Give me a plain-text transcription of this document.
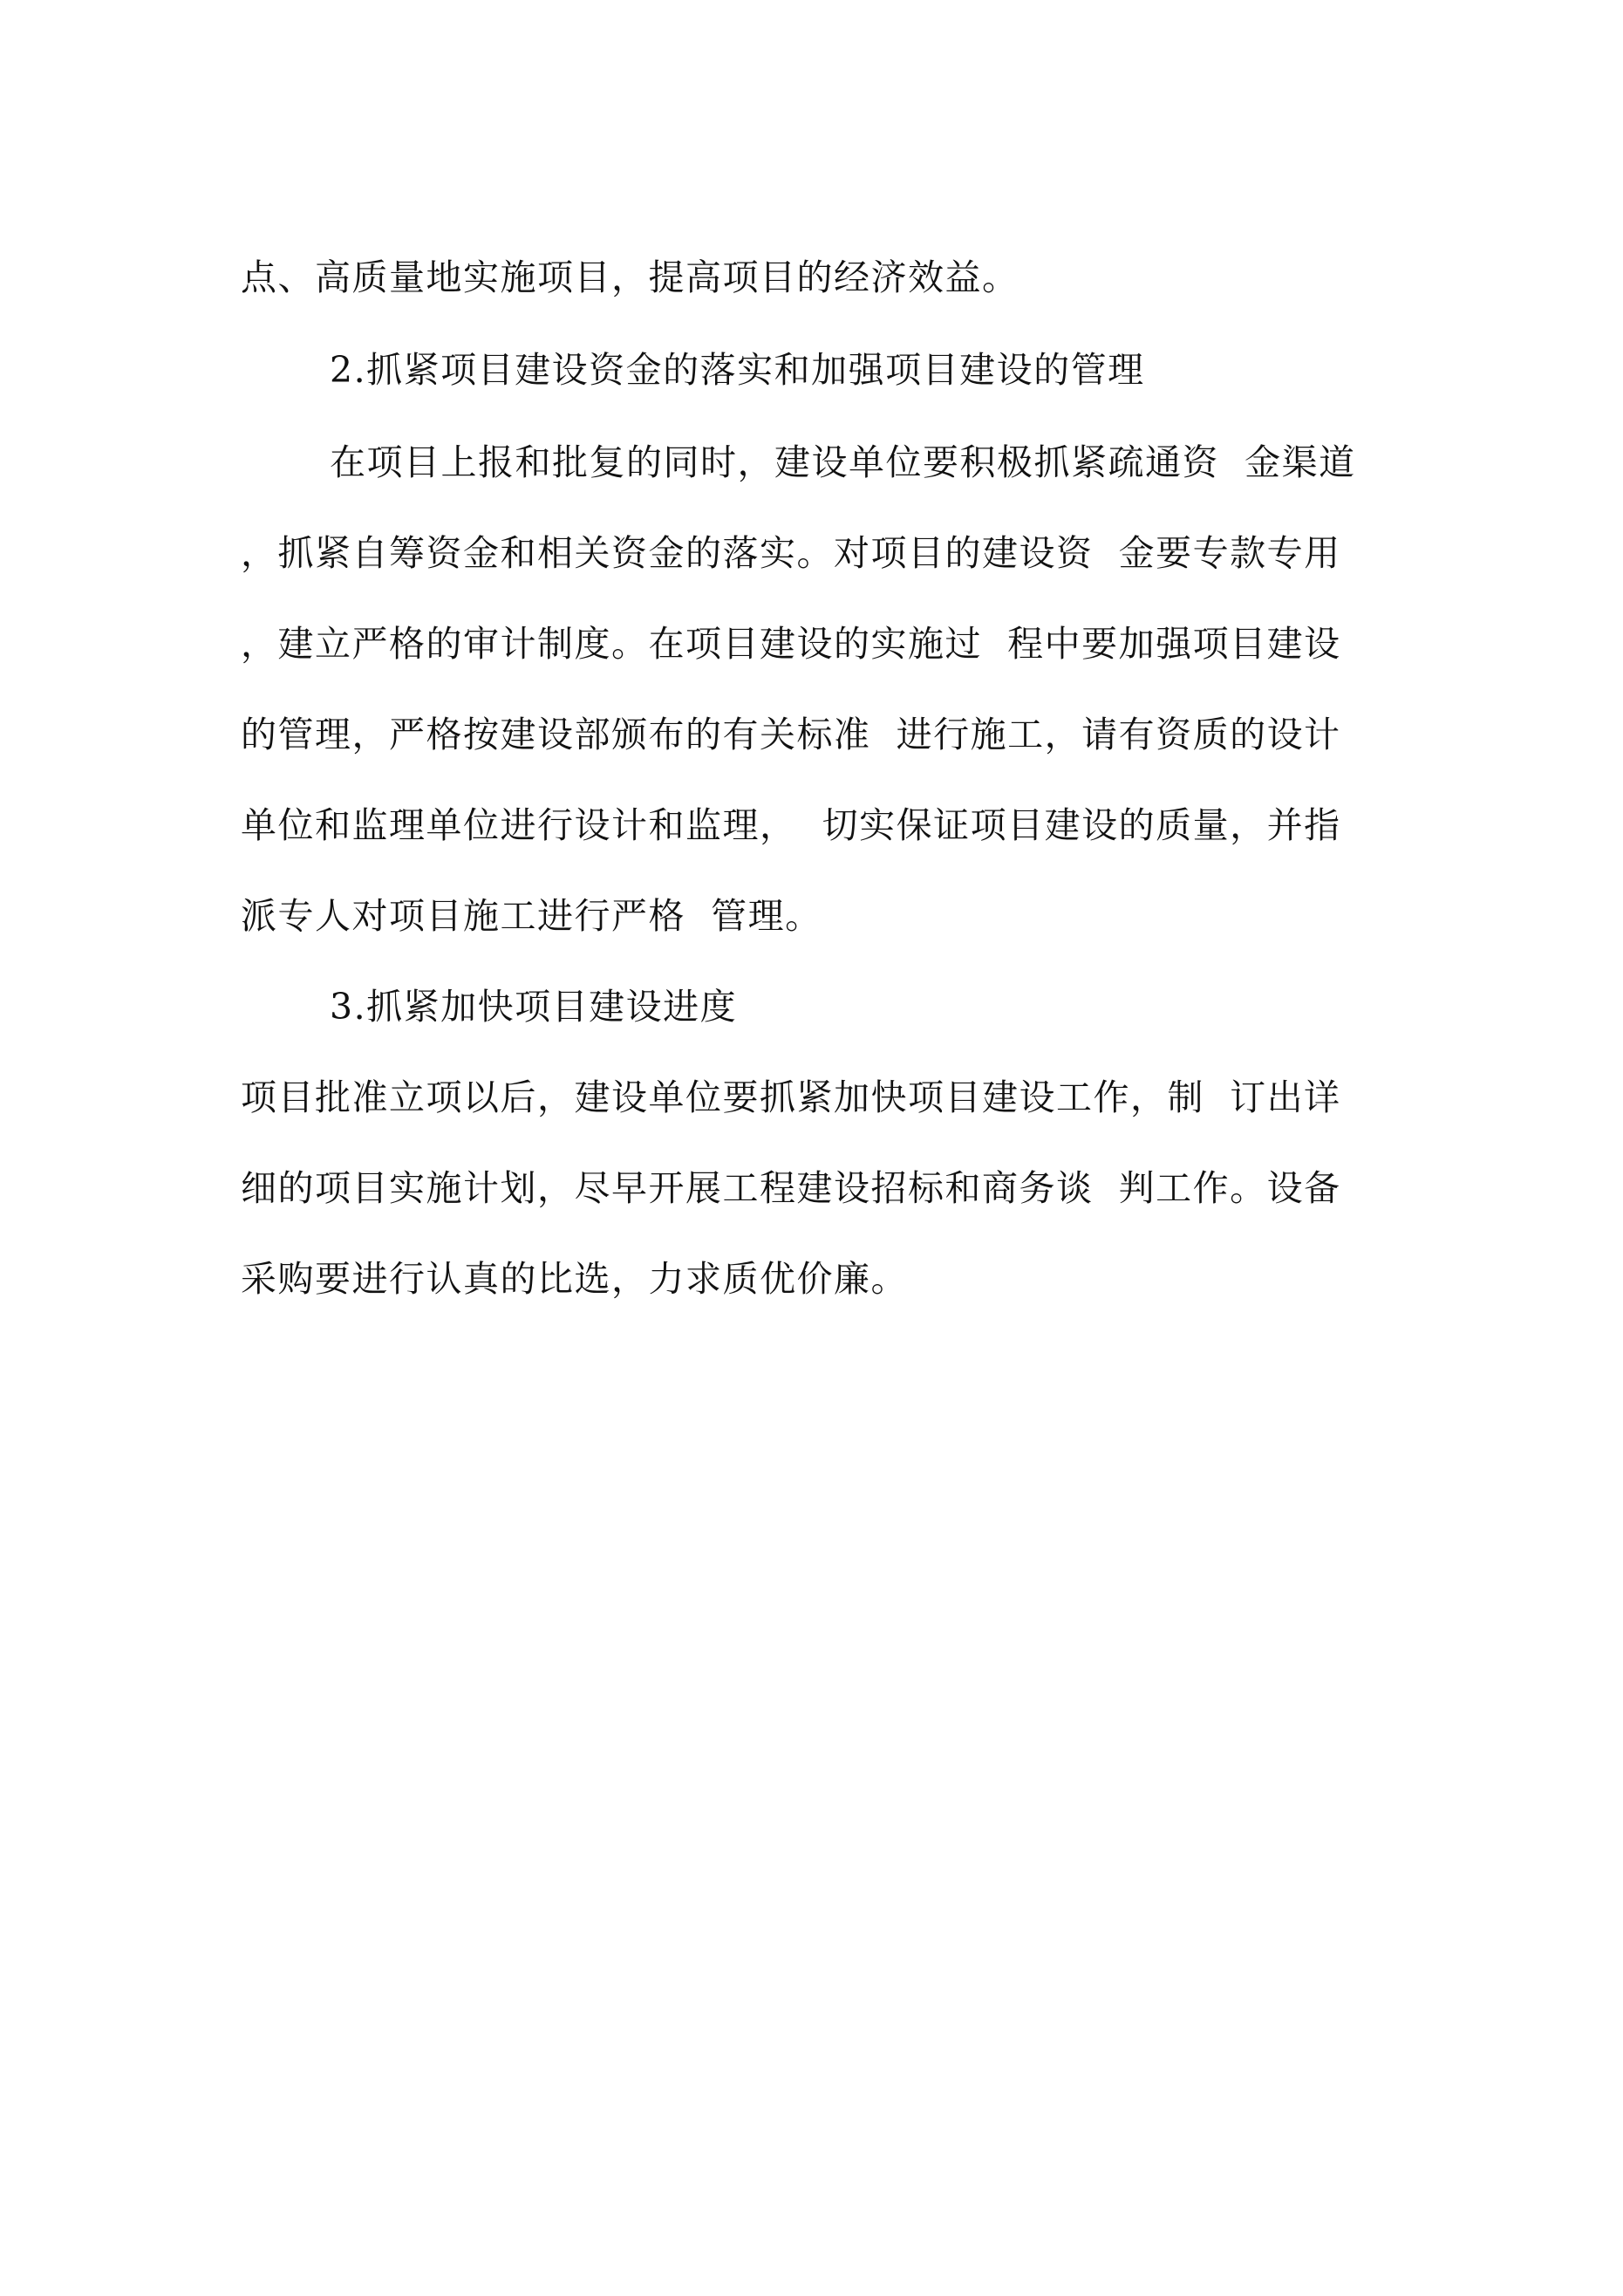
点、高质量地实施项目，提高项目的经济效益。
2.抓紧项目建设资金的落实和加强项目建设的管理
在项目上报和批复的同时，建设单位要积极抓紧疏通资  金渠道
，抓紧自筹资金和相关资金的落实。对项目的建设资  金要专款专用
，建立严格的审计制度。在项目建设的实施过  程中要加强项目建设
的管理，严格按建设部颁布的有关标准  进行施工，请有资质的设计
单位和监理单位进行设计和监理，  切实保证项目建设的质量，并指
派专人对项目施工进行严格  管理。
3.抓紧加快项目建设进度
项目批准立项以后，建设单位要抓紧加快项目建设工作，制  订出详
细的项目实施计划，尽早开展工程建设招标和商务谈  判工作。设备
采购要进行认真的比选，力求质优价廉。
